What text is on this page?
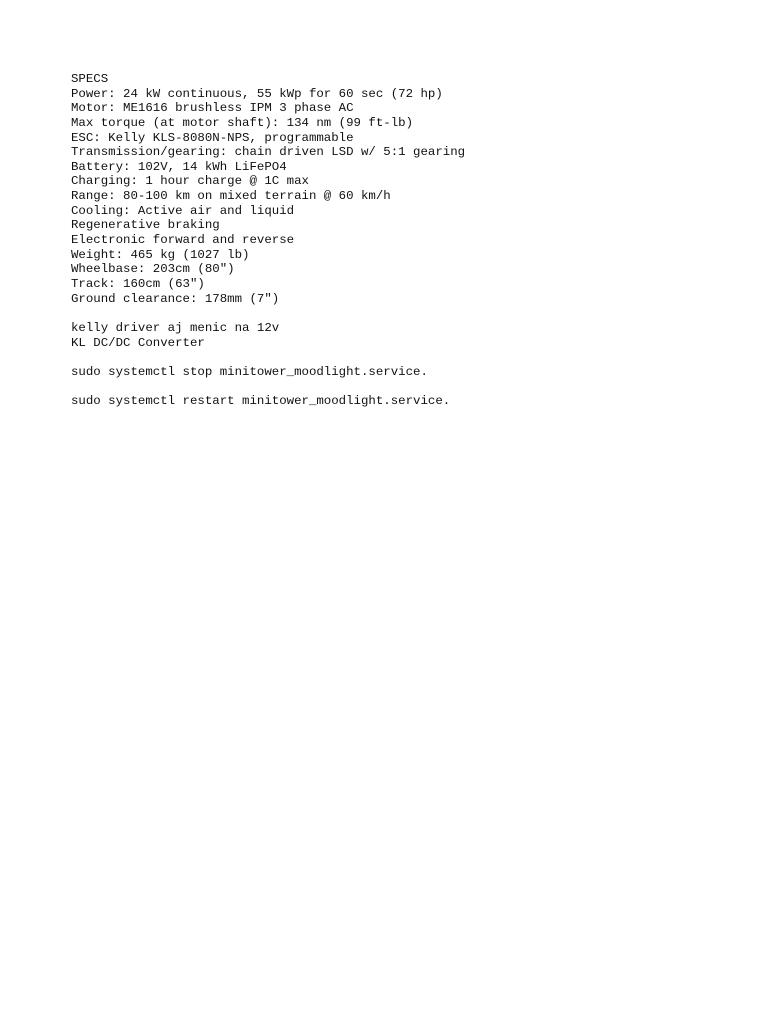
SPECS
Power: 24 kW continuous, 55 kWp for 60 sec (72 hp)
Motor: ME1616 brushless IPM 3 phase AC
Max torque (at motor shaft): 134 nm (99 ft-lb)
ESC: Kelly KLS-8080N-NPS, programmable
Transmission/gearing: chain driven LSD w/ 5:1 gearing
Battery: 102V, 14 kWh LiFePO4
Charging: 1 hour charge @ 1C max
Range: 80-100 km on mixed terrain @ 60 km/h
Cooling: Active air and liquid
Regenerative braking
Electronic forward and reverse
Weight: 465 kg (1027 lb)
Wheelbase: 203cm (80")
Track: 160cm (63")
Ground clearance: 178mm (7")
kelly driver aj menic na 12v
KL DC/DC Converter
sudo systemctl stop minitower_moodlight.service.
sudo systemctl restart minitower_moodlight.service.
